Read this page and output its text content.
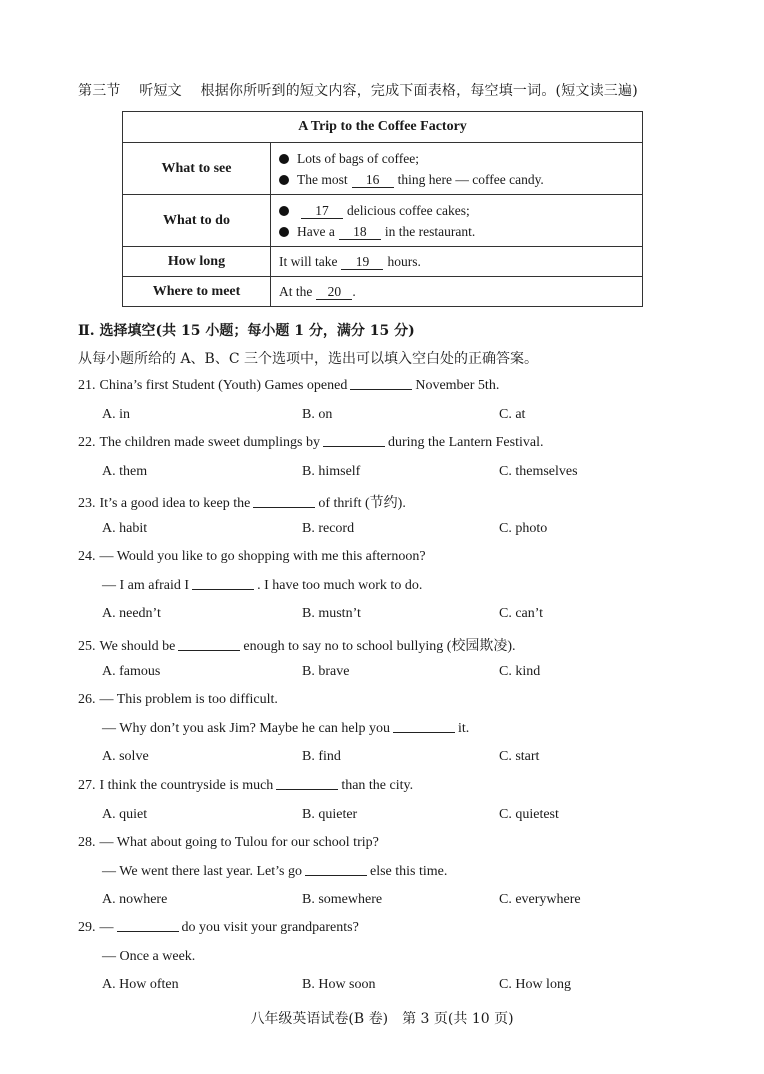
第三节 听短文 根据你所听到的短文内容，完成下面表格，每空填一词。(短文读三遍)
A Trip to the Coffee Factory	
What to see	Lots of bags of coffee;
The most 16 thing here — coffee candy.

What to do	17 delicious coffee cakes;
Have a 18 in the restaurant.

How long	It will take 19 hours.

Where to meet	At the 20 .
Ⅱ. 选择填空(共 15 小题；每小题 1 分，满分 15 分)
从每小题所给的 A、B、C 三个选项中，选出可以填入空白处的正确答案。
21. China’s first Student (Youth) Games opened	November 5th.
A. in	B. on	C. at
22. The children made sweet dumplings by	during the Lantern Festival.
A. them	B. himself	C. themselves
23. It’s a good idea to keep the	of thrift (节约).
A. habit	B. record	C. photo
24. — Would you like to go shopping with me this afternoon?
— I am afraid I	. I have too much work to do.
A. needn’t	B. mustn’t	C. can’t
25. We should be	enough to say no to school bullying (校园欺凌).
A. famous	B. brave	C. kind
26. — This problem is too difficult.
— Why don’t you ask Jim? Maybe he can help you	it.
A. solve	B. find	C. start
27. I think the countryside is much	than the city.
A. quiet	B. quieter	C. quietest
28. — What about going to Tulou for our school trip?
— We went there last year. Let’s go	else this time.
A. nowhere	B. somewhere	C. everywhere
29. —	do you visit your grandparents?
— Once a week.
A. How often	B. How soon	C. How long
八年级英语试卷(B 卷)　第 3 页(共 10 页)
